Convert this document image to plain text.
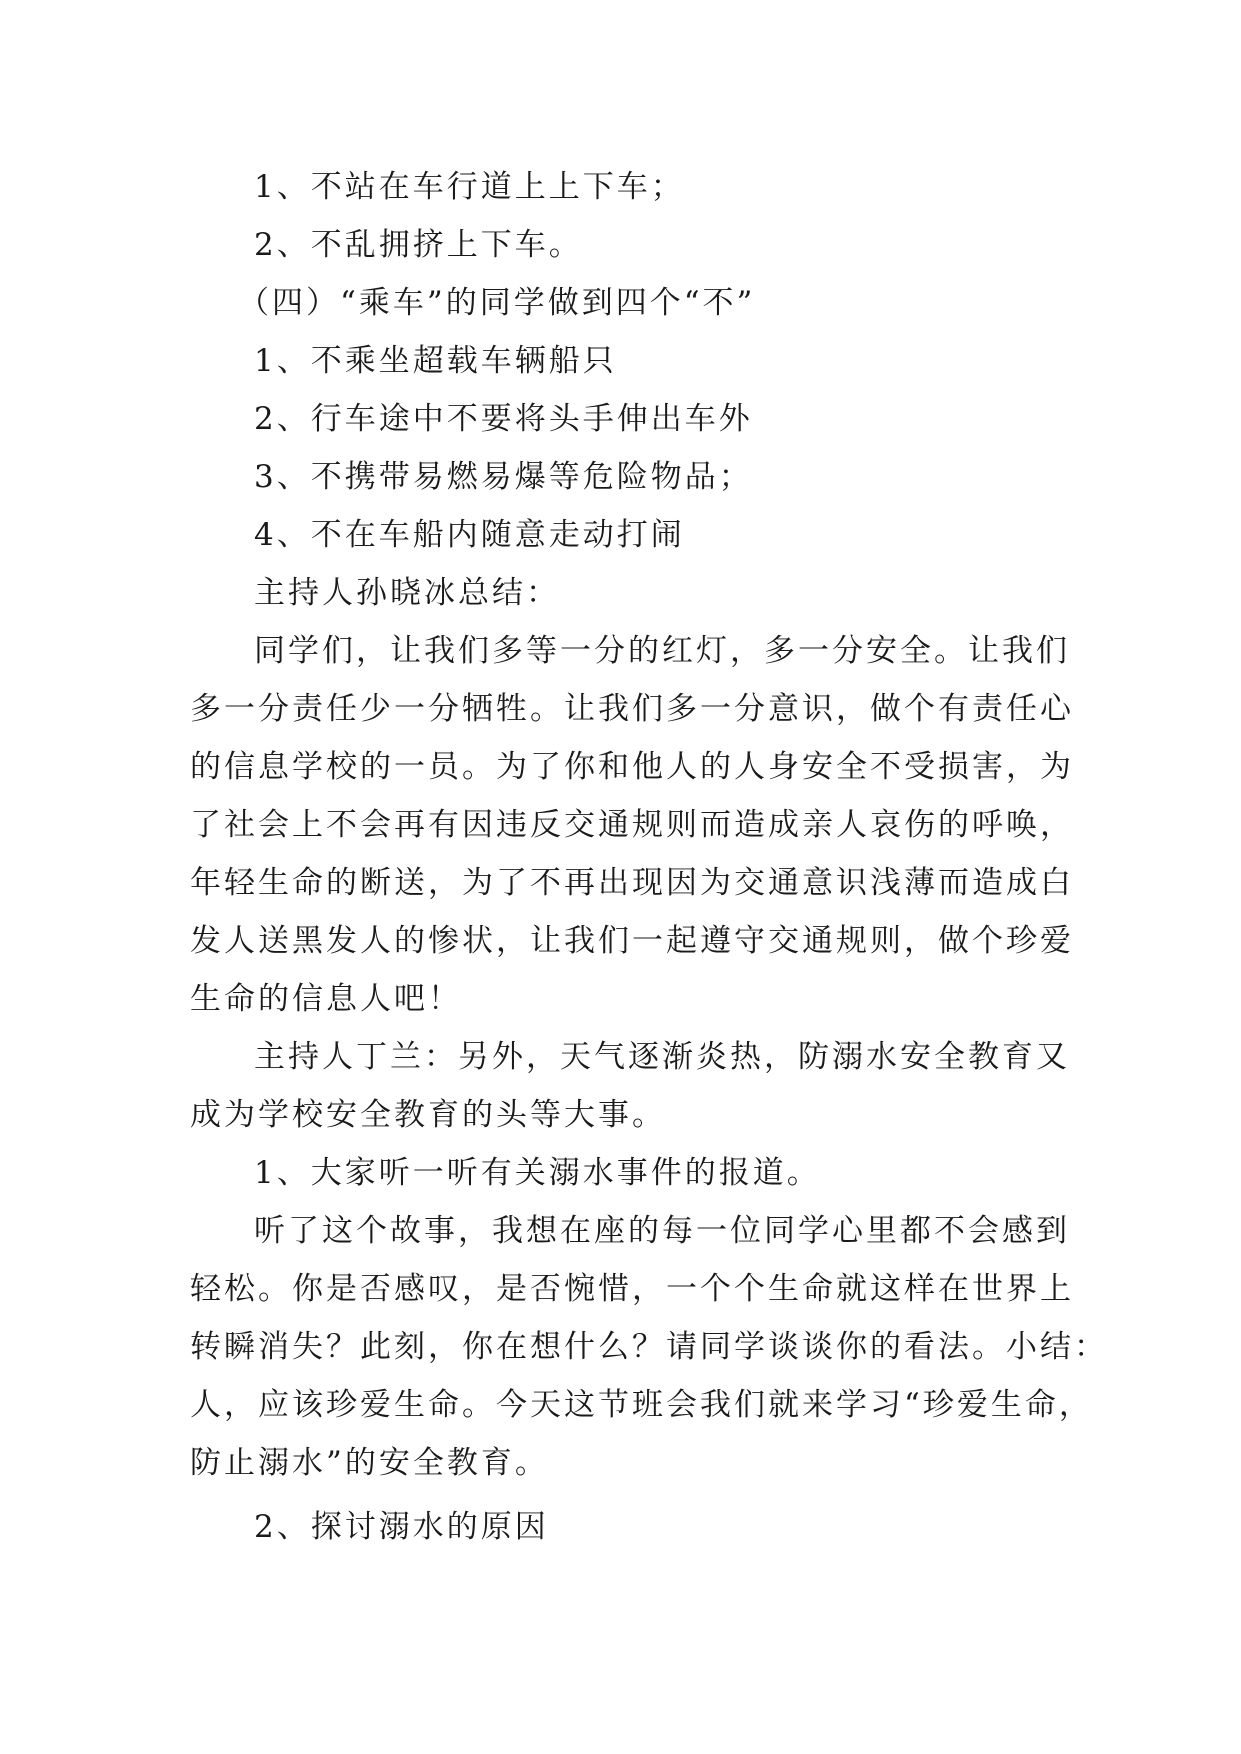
1、不站在车行道上上下车；
2、不乱拥挤上下车。
（四）“乘车”的同学做到四个“不”
1、不乘坐超载车辆船只
2、行车途中不要将头手伸出车外
3、不携带易燃易爆等危险物品；
4、不在车船内随意走动打闹
主持人孙晓冰总结：
同学们，让我们多等一分的红灯，多一分安全。让我们
多一分责任少一分牺牲。让我们多一分意识，做个有责任心
的信息学校的一员。为了你和他人的人身安全不受损害，为
了社会上不会再有因违反交通规则而造成亲人哀伤的呼唤，
年轻生命的断送，为了不再出现因为交通意识浅薄而造成白
发人送黑发人的惨状，让我们一起遵守交通规则，做个珍爱
生命的信息人吧！
主持人丁兰：另外，天气逐渐炎热，防溺水安全教育又
成为学校安全教育的头等大事。
1、大家听一听有关溺水事件的报道。
听了这个故事，我想在座的每一位同学心里都不会感到
轻松。你是否感叹，是否惋惜，一个个生命就这样在世界上
转瞬消失？此刻，你在想什么？请同学谈谈你的看法。小结：
人，应该珍爱生命。今天这节班会我们就来学习“珍爱生命，
防止溺水”的安全教育。
2、探讨溺水的原因
